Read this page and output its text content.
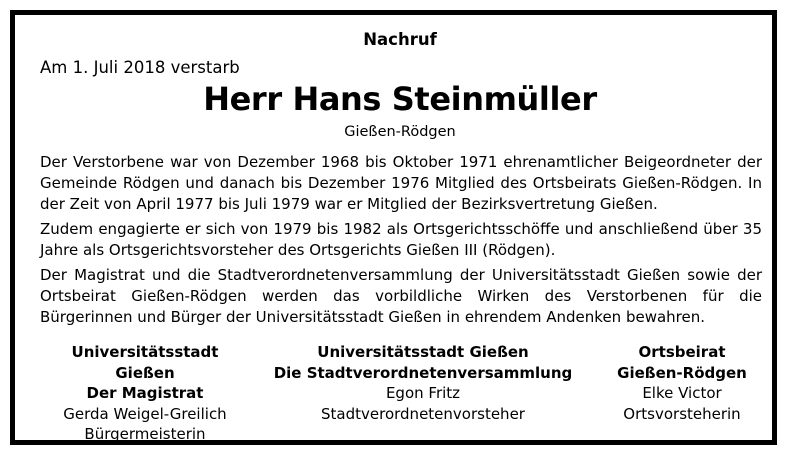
Nachruf
Am 1. Juli 2018 verstarb
Herr Hans Steinmüller
Gießen-Rödgen

Der Verstorbene war von Dezember 1968 bis Oktober 1971 ehrenamtlicher Beigeordneter der Gemeinde Rödgen und danach bis Dezember 1976 Mitglied des Ortsbeirats Gießen-Rödgen. In der Zeit von April 1977 bis Juli 1979 war er Mitglied der Bezirksvertretung Gießen.

Zudem engagierte er sich von 1979 bis 1982 als Ortsgerichtsschöffe und anschließend über 35 Jahre als Ortsgerichtsvorsteher des Ortsgerichts Gießen III (Rödgen).

Der Magistrat und die Stadtverordnetenversammlung der Universitätsstadt Gießen sowie der Ortsbeirat Gießen-Rödgen werden das vorbildliche Wirken des Verstorbenen für die Bürgerinnen und Bürger der Universitätsstadt Gießen in ehrendem Andenken bewahren.

Universitätsstadt Gießen
Der Magistrat
Gerda Weigel-Greilich
Bürgermeisterin
Universitätsstadt Gießen
Die Stadtverordnetenversammlung
Egon Fritz
Stadtverordnetenvorsteher
Ortsbeirat
Gießen-Rödgen
Elke Victor
Ortsvorsteherin
